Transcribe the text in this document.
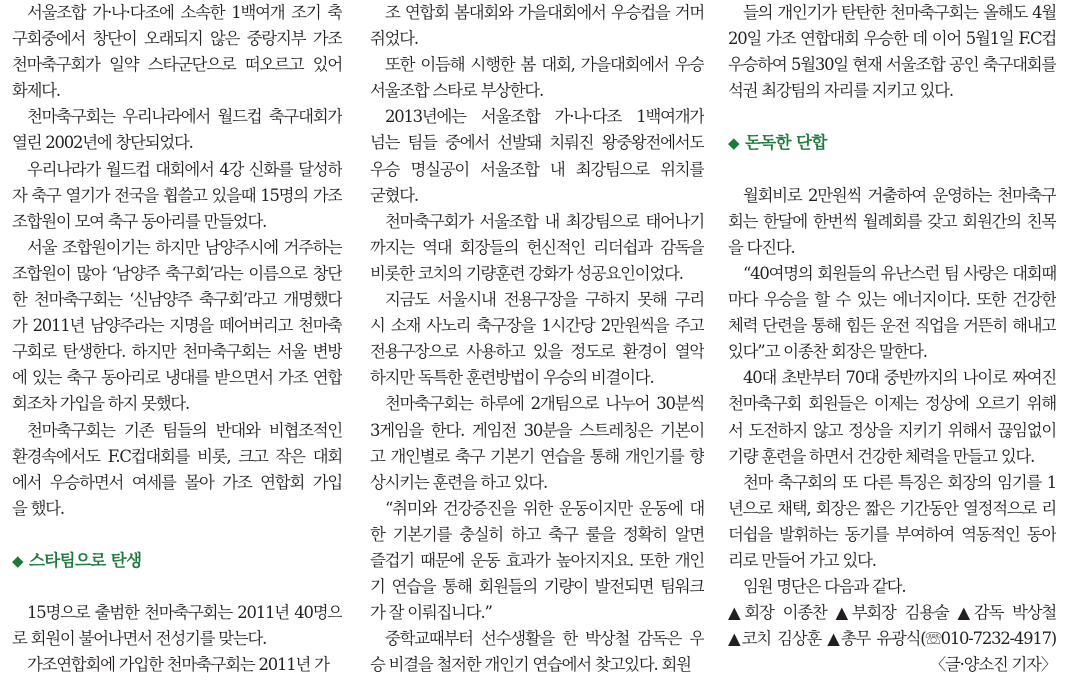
서울조합 가·나·다조에 소속한 1백여개 조기 축
구회중에서 창단이 오래되지 않은 중랑지부 가조
천마축구회가 일약 스타군단으로 떠오르고 있어
화제다.
천마축구회는 우리나라에서 월드컵 축구대회가
열린 2002년에 창단되었다.
우리나라가 월드컵 대회에서 4강 신화를 달성하
자 축구 열기가 전국을 휩쓸고 있을때 15명의 가조
조합원이 모여 축구 동아리를 만들었다.
서울 조합원이기는 하지만 남양주시에 거주하는
조합원이 많아 ‘남양주 축구회’라는 이름으로 창단
한 천마축구회는 ‘신남양주 축구회’라고 개명했다
가 2011년 남양주라는 지명을 떼어버리고 천마축
구회로 탄생한다. 하지만 천마축구회는 서울 변방
에 있는 축구 동아리로 냉대를 받으면서 가조 연합
회조차 가입을 하지 못했다.
천마축구회는 기존 팀들의 반대와 비협조적인
환경속에서도 F.C컵대회를 비롯, 크고 작은 대회
에서 우승하면서 여세를 몰아 가조 연합회 가입
을 했다.
◆ 스타팀으로 탄생
15명으로 출범한 천마축구회는 2011년 40명으
로 회원이 불어나면서 전성기를 맞는다.
가조연합회에 가입한 천마축구회는 2011년 가
조 연합회 봄대회와 가을대회에서 우승컵을 거머
쥐었다.
또한 이듬해 시행한 봄 대회, 가을대회에서 우승
서울조합 스타로 부상한다.
2013년에는 서울조합 가·나·다조 1백여개가
넘는 팀들 중에서 선발돼 치뤄진 왕중왕전에서도
우승 명실공이 서울조합 내 최강팀으로 위치를
굳혔다.
천마축구회가 서울조합 내 최강팀으로 태어나기
까지는 역대 회장들의 헌신적인 리더쉽과 감독을
비롯한 코치의 기량훈련 강화가 성공요인이었다.
지금도 서울시내 전용구장을 구하지 못해 구리
시 소재 사노리 축구장을 1시간당 2만원씩을 주고
전용구장으로 사용하고 있을 정도로 환경이 열악
하지만 독특한 훈련방법이 우승의 비결이다.
천마축구회는 하루에 2개팀으로 나누어 30분씩
3게임을 한다. 게임전 30분을 스트레칭은 기본이
고 개인별로 축구 기본기 연습을 통해 개인기를 향
상시키는 훈련을 하고 있다.
“취미와 건강증진을 위한 운동이지만 운동에 대
한 기본기를 충실히 하고 축구 룰을 정확히 알면
즐겁기 때문에 운동 효과가 높아지지요. 또한 개인
기 연습을 통해 회원들의 기량이 발전되면 팀워크
가 잘 이뤄집니다.”
중학교때부터 선수생활을 한 박상철 감독은 우
승 비결을 철저한 개인기 연습에서 찾고있다. 회원
들의 개인기가 탄탄한 천마축구회는 올해도 4월
20일 가조 연합대회 우승한 데 이어 5월1일 F.C컵
우승하여 5월30일 현재 서울조합 공인 축구대회를
석권 최강팀의 자리를 지키고 있다.
◆ 돈독한 단합
월회비로 2만원씩 거출하여 운영하는 천마축구
회는 한달에 한번씩 월례회를 갖고 회원간의 친목
을 다진다.
“40여명의 회원들의 유난스런 팀 사랑은 대회때
마다 우승을 할 수 있는 에너지이다. 또한 건강한
체력 단련을 통해 힘든 운전 직업을 거뜬히 해내고
있다”고 이종찬 회장은 말한다.
40대 초반부터 70대 중반까지의 나이로 짜여진
천마축구회 회원들은 이제는 정상에 오르기 위해
서 도전하지 않고 정상을 지키기 위해서 끊임없이
기량 훈련을 하면서 건강한 체력을 만들고 있다.
천마 축구회의 또 다른 특징은 회장의 임기를 1
년으로 채택, 회장은 짧은 기간동안 열정적으로 리
더쉽을 발휘하는 동기를 부여하여 역동적인 동아
리로 만들어 가고 있다.
임원 명단은 다음과 같다.
▲회장 이종찬 ▲부회장 김용술 ▲감독 박상철
▲코치 김상훈 ▲총무 유광식(☏010-7232-4917)
〈글·양소진 기자〉
